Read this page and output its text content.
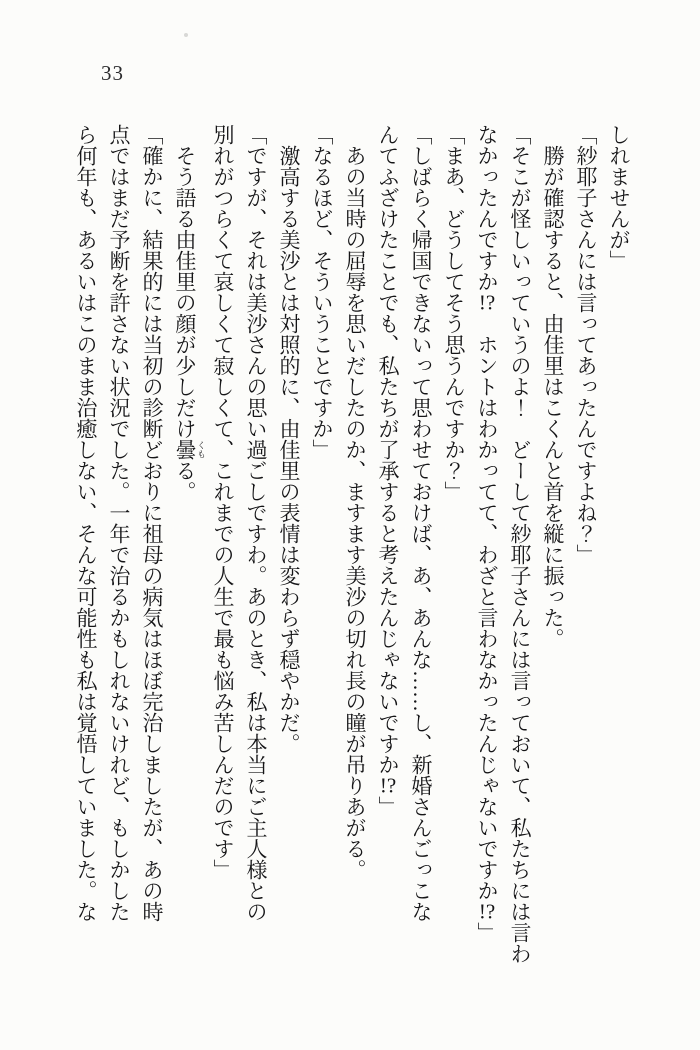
33
しれませんが」
「紗耶子さんには言ってあったんですよね？」
勝が確認すると、由佳里はこくんと首を縦に振った。
「そこが怪しいっていうのよ！　どーして紗耶子さんには言っておいて、私たちには言わ
なかったんですか!?　ホントはわかってて、わざと言わなかったんじゃないですか!?」
「まあ、どうしてそう思うんですか？」
「しばらく帰国できないって思わせておけば、あ、あんな……し、新婚さんごっこな
んてふざけたことでも、私たちが了承すると考えたんじゃないですか!?」
あの当時の屈辱を思いだしたのか、ますます美沙の切れ長の瞳が吊りあがる。
「なるほど、そういうことですか」
激高する美沙とは対照的に、由佳里の表情は変わらず穏やかだ。
「ですが、それは美沙さんの思い過ごしですわ。あのとき、私は本当にご主人様との
別れがつらくて哀しくて寂しくて、これまでの人生で最も悩み苦しんだのです」
そう語る由佳里の顔が少しだけ曇 くもる。
「確かに、結果的には当初の診断どおりに祖母の病気はほぼ完治しましたが、あの時
点ではまだ予断を許さない状況でした。一年で治るかもしれないけれど、もしかした
ら何年も、あるいはこのまま治癒しない、そんな可能性も私は覚悟していました。な
